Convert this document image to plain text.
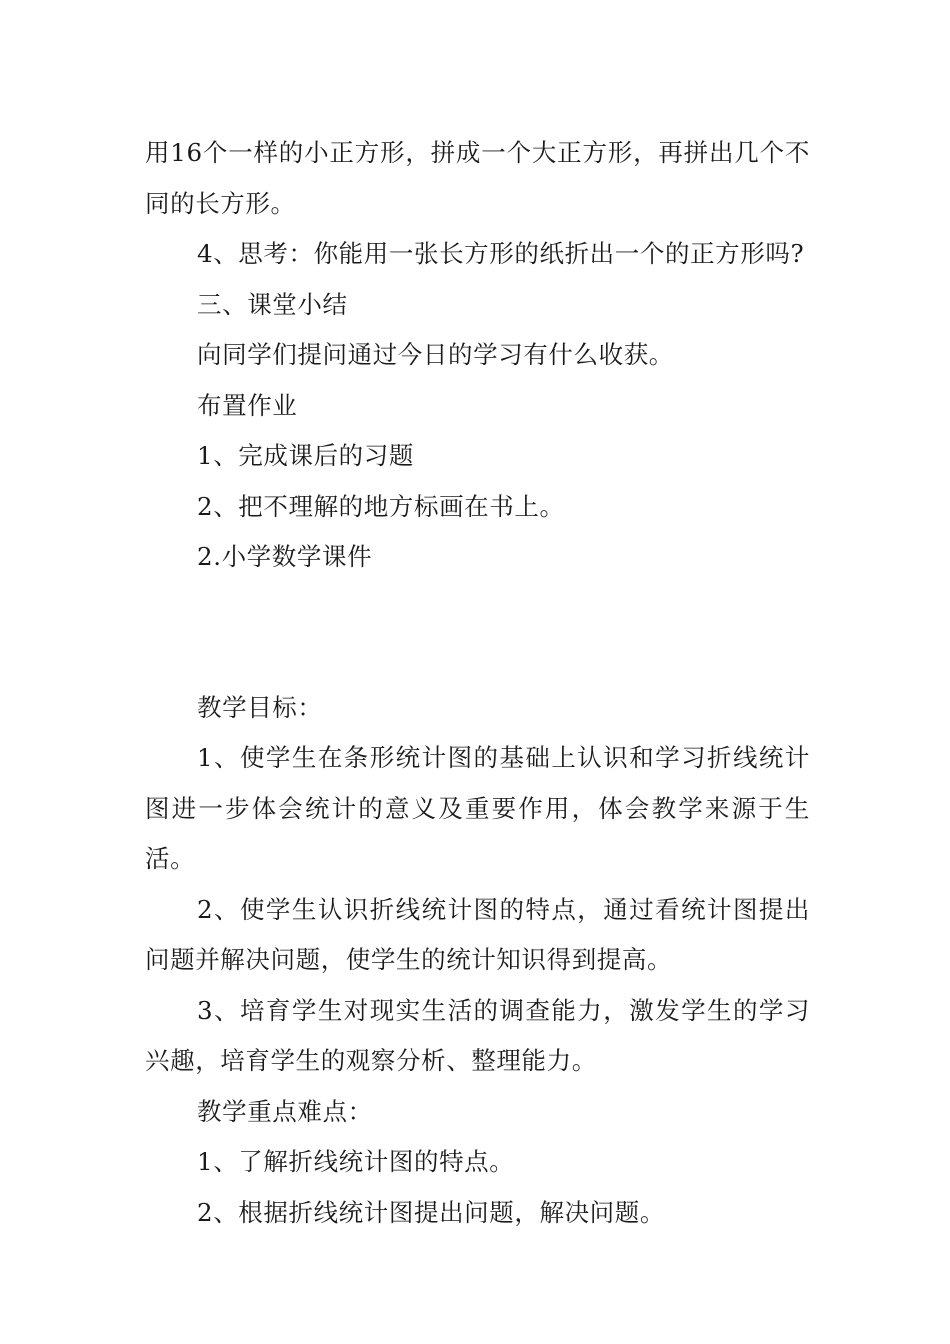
用16个一样的小正方形，拼成一个大正方形，再拼出几个不同的长方形。

4、思考：你能用一张长方形的纸折出一个的正方形吗?

三、课堂小结

向同学们提问通过今日的学习有什么收获。

布置作业

1、完成课后的习题

2、把不理解的地方标画在书上。

2.小学数学课件

教学目标：

1、使学生在条形统计图的基础上认识和学习折线统计图进一步体会统计的意义及重要作用，体会教学来源于生活。

2、使学生认识折线统计图的特点，通过看统计图提出问题并解决问题，使学生的统计知识得到提高。

3、培育学生对现实生活的调查能力，激发学生的学习兴趣，培育学生的观察分析、整理能力。

教学重点难点：

1、了解折线统计图的特点。

2、根据折线统计图提出问题，解决问题。
